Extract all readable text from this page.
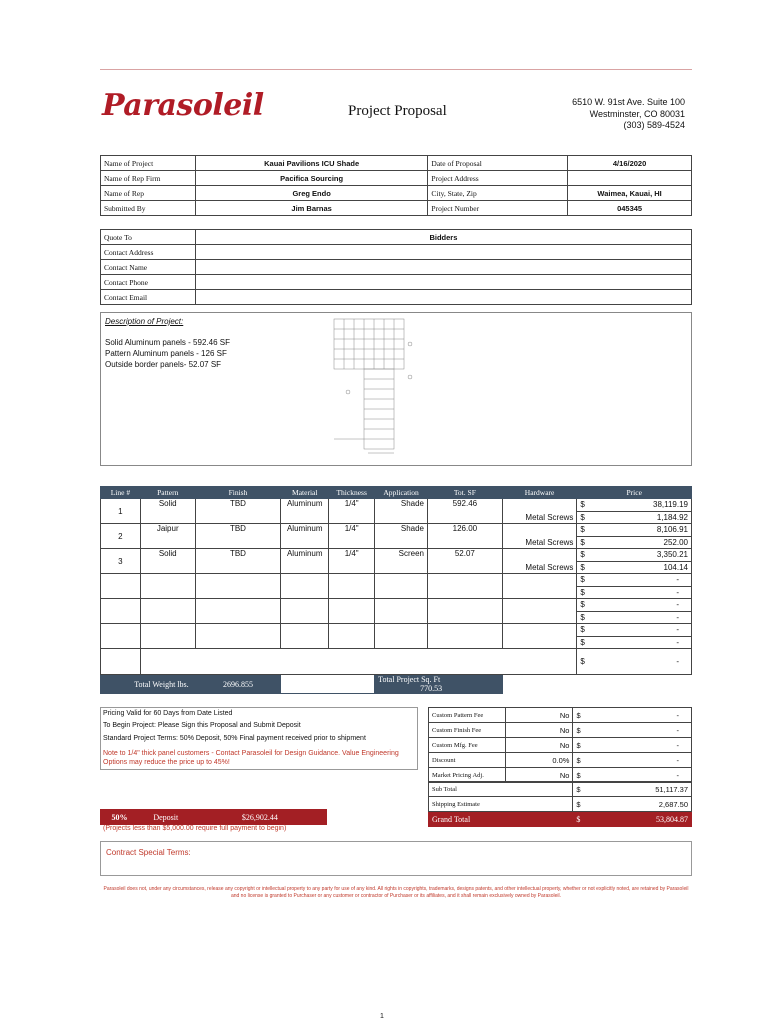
Parasoleil	Project Proposal
6510 W. 91st Ave. Suite 100
Westminster, CO 80031
(303) 589-4524
Name of Project	Kauai Pavilions ICU Shade	Date of Proposal	4/16/2020
Name of Rep Firm	Pacifica Sourcing	Project Address	
Name of Rep	Greg Endo	City, State, Zip	Waimea, Kauai, HI
Submitted By	Jim Barnas	Project Number	045345
Quote To	Bidders
Contact Address	
Contact Name	
Contact Phone	
Contact Email	
Description of Project:
Solid Aluminum panels - 592.46 SF
Pattern Aluminum panels - 126 SF
Outside border panels- 52.07 SF
Line #	Pattern	Finish	Material	Thickness	Application	Tot. SF	Hardware	Price	
1	Solid	TBD	Aluminum	1/4"	Shade	592.46		$	38,119.19
							Metal Screws	$	1,184.92
2	Jaipur	TBD	Aluminum	1/4"	Shade	126.00		$	8,106.91
							Metal Screws	$	252.00
3	Solid	TBD	Aluminum	1/4"	Screen	52.07		$	3,350.21
							Metal Screws	$	104.14
								$	-
								$	-
								$	-
								$	-
								$	-
								$	-
								$	-
Total Weight lbs.		2696.855			Total Project Sq. Ft 770.53				
Pricing Valid for 60 Days from Date Listed
To Begin Project: Please Sign this Proposal and Submit Deposit
Standard Project Terms: 50% Deposit, 50% Final payment received prior to shipment
Note to 1/4" thick panel customers - Contact Parasoleil for Design Guidance. Value Engineering Options may reduce the price up to 45%!
Custom Pattern Fee	No	$	-
Custom Finish Fee	No	$	-
Custom Mfg. Fee	No	$	-
Discount	0.0%	$	-
Market Pricing Adj.	No	$	-
Sub Total	$	51,117.37
Shipping Estimate	$	2,687.50
Grand Total	$	53,804.87
50%	Deposit	$26,902.44
(Projects less than $5,000.00 require full payment to begin)
Contract Special Terms:
Parasoleil does not, under any circumstances, release any copyright or intellectual property to any party for use of any kind. All rights in copyrights, trademarks, designs patents, and other intellectual property, whether or not explicitly noted, are retained by Parasoleil
and no license is granted to Purchaser or any customer or contractor of Purchaser or its affiliates, and it shall remain exclusively owned by Parasoleil.
1
